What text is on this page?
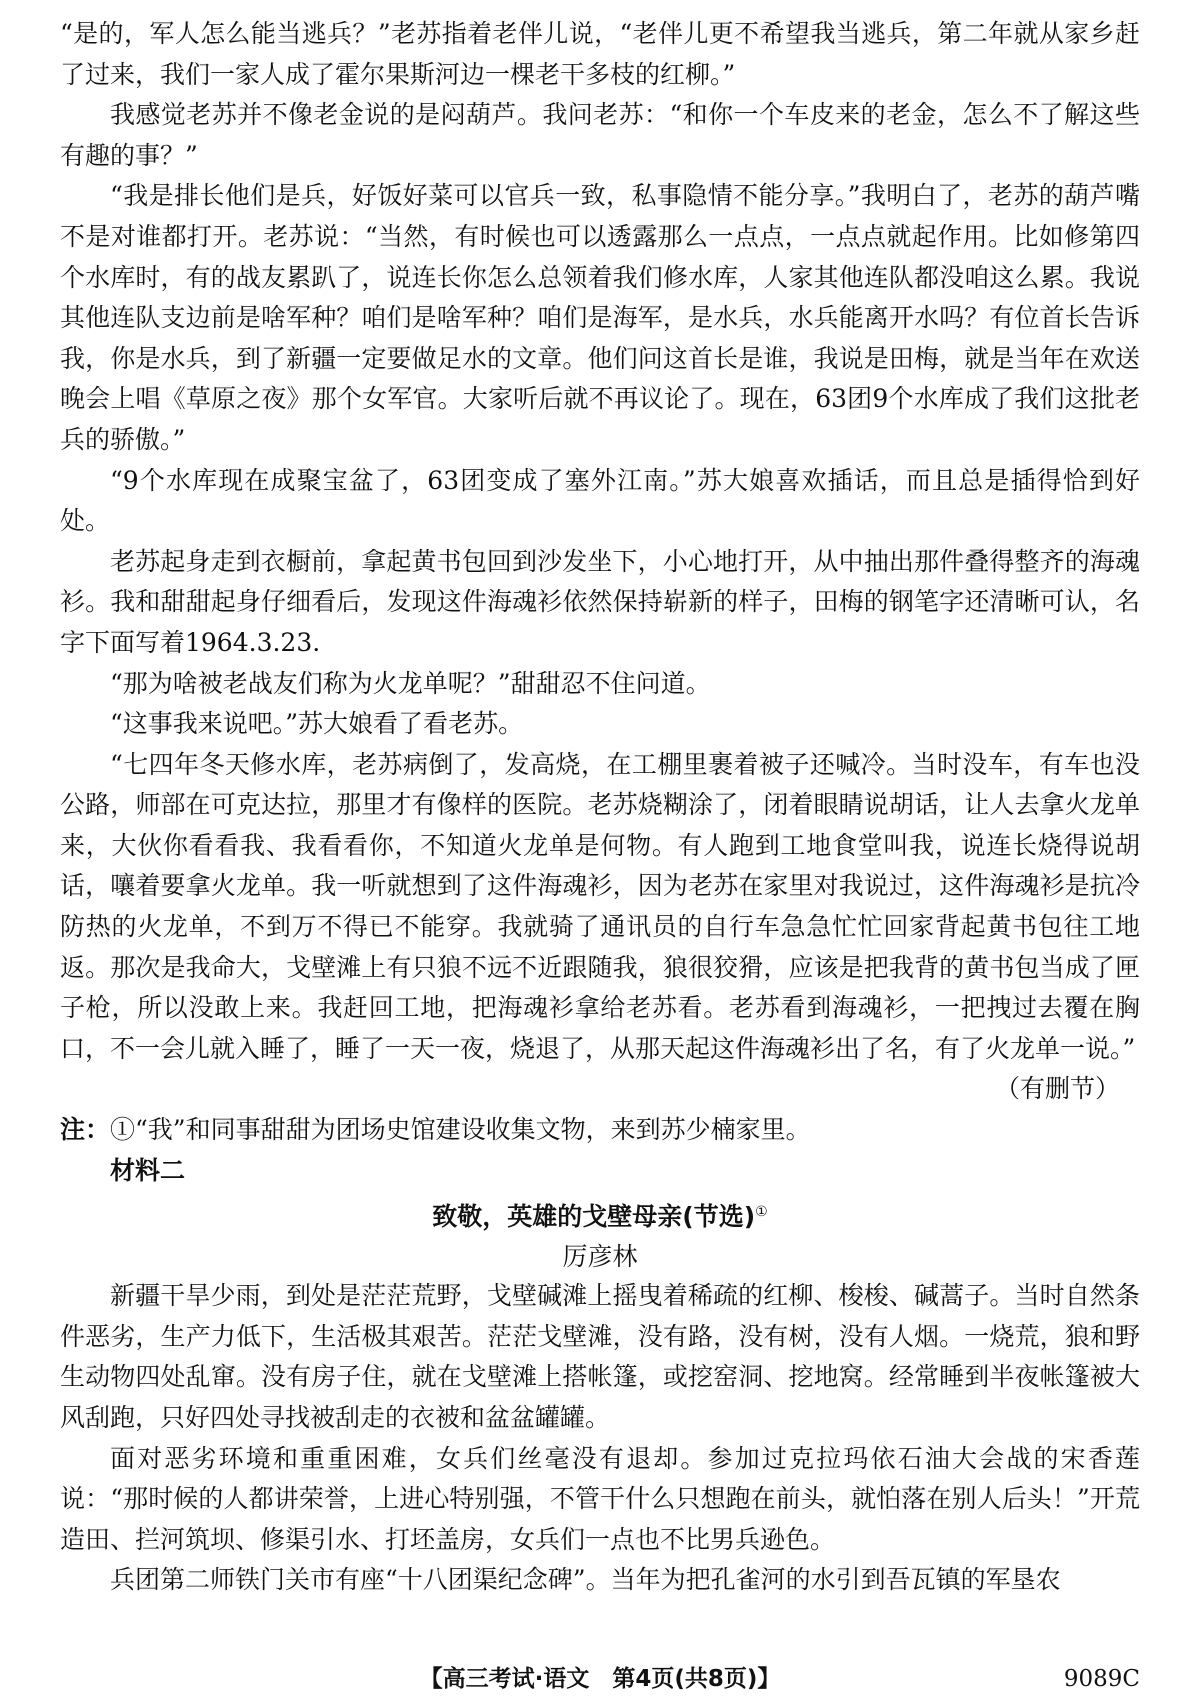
“是的，军人怎么能当逃兵？”老苏指着老伴儿说，“老伴儿更不希望我当逃兵，第二年就从家乡赶了过来，我们一家人成了霍尔果斯河边一棵老干多枝的红柳。”

我感觉老苏并不像老金说的是闷葫芦。我问老苏：“和你一个车皮来的老金，怎么不了解这些有趣的事？”

“我是排长他们是兵，好饭好菜可以官兵一致，私事隐情不能分享。”我明白了，老苏的葫芦嘴不是对谁都打开。老苏说：“当然，有时候也可以透露那么一点点，一点点就起作用。比如修第四个水库时，有的战友累趴了，说连长你怎么总领着我们修水库，人家其他连队都没咱这么累。我说其他连队支边前是啥军种？咱们是啥军种？咱们是海军，是水兵，水兵能离开水吗？有位首长告诉我，你是水兵，到了新疆一定要做足水的文章。他们问这首长是谁，我说是田梅，就是当年在欢送晚会上唱《草原之夜》那个女军官。大家听后就不再议论了。现在，63团9个水库成了我们这批老兵的骄傲。”

“9个水库现在成聚宝盆了，63团变成了塞外江南。”苏大娘喜欢插话，而且总是插得恰到好处。

老苏起身走到衣橱前，拿起黄书包回到沙发坐下，小心地打开，从中抽出那件叠得整齐的海魂衫。我和甜甜起身仔细看后，发现这件海魂衫依然保持崭新的样子，田梅的钢笔字还清晰可认，名字下面写着1964.3.23.

“那为啥被老战友们称为火龙单呢？”甜甜忍不住问道。

“这事我来说吧。”苏大娘看了看老苏。

“七四年冬天修水库，老苏病倒了，发高烧，在工棚里裹着被子还喊冷。当时没车，有车也没公路，师部在可克达拉，那里才有像样的医院。老苏烧糊涂了，闭着眼睛说胡话，让人去拿火龙单来，大伙你看看我、我看看你，不知道火龙单是何物。有人跑到工地食堂叫我，说连长烧得说胡话，嚷着要拿火龙单。我一听就想到了这件海魂衫，因为老苏在家里对我说过，这件海魂衫是抗冷防热的火龙单，不到万不得已不能穿。我就骑了通讯员的自行车急急忙忙回家背起黄书包往工地返。那次是我命大，戈壁滩上有只狼不远不近跟随我，狼很狡猾，应该是把我背的黄书包当成了匣子枪，所以没敢上来。我赶回工地，把海魂衫拿给老苏看。老苏看到海魂衫，一把拽过去覆在胸口，不一会儿就入睡了，睡了一天一夜，烧退了，从那天起这件海魂衫出了名，有了火龙单一说。”

（有删节）

注：①“我”和同事甜甜为团场史馆建设收集文物，来到苏少楠家里。

材料二

致敬，英雄的戈壁母亲(节选)①

厉彦林

新疆干旱少雨，到处是茫茫荒野，戈壁碱滩上摇曳着稀疏的红柳、梭梭、碱蒿子。当时自然条件恶劣，生产力低下，生活极其艰苦。茫茫戈壁滩，没有路，没有树，没有人烟。一烧荒，狼和野生动物四处乱窜。没有房子住，就在戈壁滩上搭帐篷，或挖窑洞、挖地窝。经常睡到半夜帐篷被大风刮跑，只好四处寻找被刮走的衣被和盆盆罐罐。

面对恶劣环境和重重困难，女兵们丝毫没有退却。参加过克拉玛依石油大会战的宋香莲说：“那时候的人都讲荣誉，上进心特别强，不管干什么只想跑在前头，就怕落在别人后头！”开荒造田、拦河筑坝、修渠引水、打坯盖房，女兵们一点也不比男兵逊色。

兵团第二师铁门关市有座“十八团渠纪念碑”。当年为把孔雀河的水引到吾瓦镇的军垦农

【高三考试·语文　第4页(共8页)】	9089C
